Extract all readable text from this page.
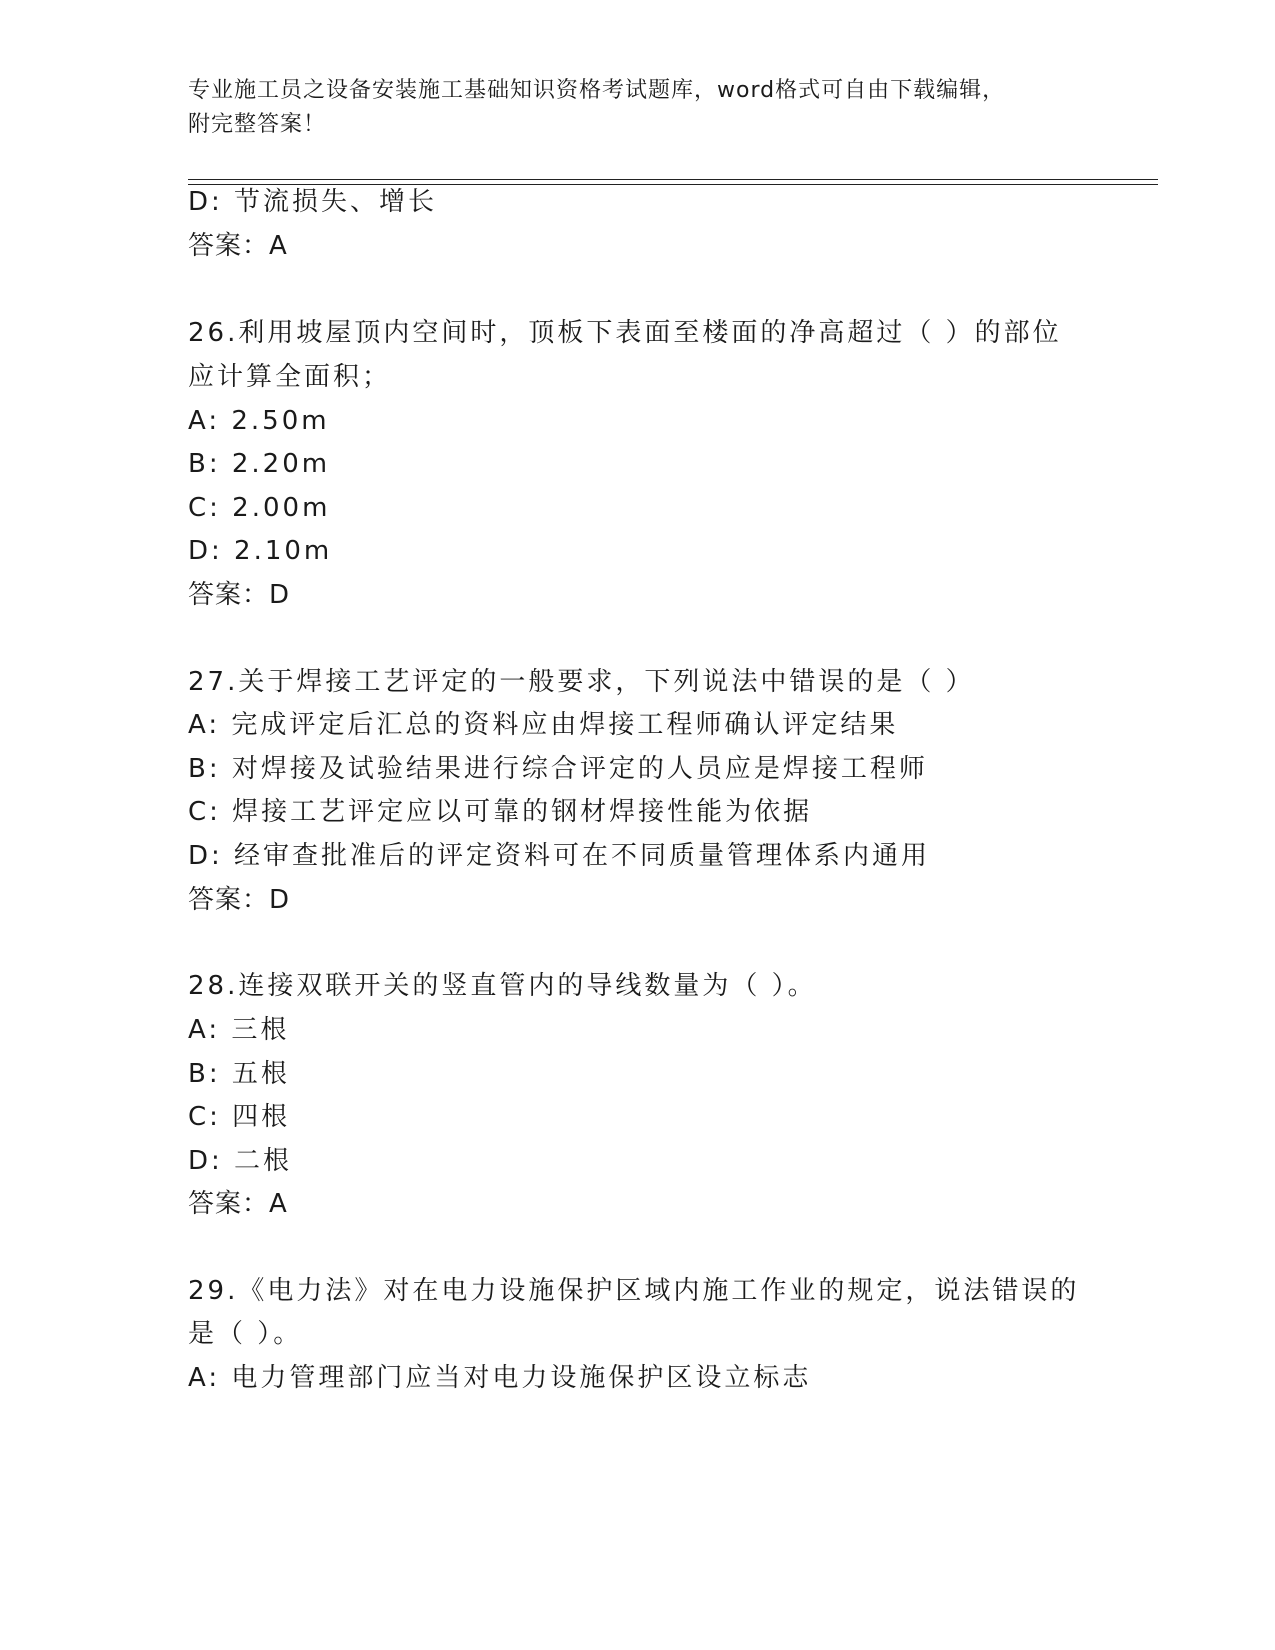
专业施工员之设备安装施工基础知识资格考试题库，word格式可自由下载编辑，
附完整答案！
D: 节流损失、增长
答案：A
26.利用坡屋顶内空间时，顶板下表面至楼面的净高超过（ ）的部位
应计算全面积；
A: 2.50m
B: 2.20m
C: 2.00m
D: 2.10m
答案：D
27.关于焊接工艺评定的一般要求，下列说法中错误的是（ ）
A: 完成评定后汇总的资料应由焊接工程师确认评定结果
B: 对焊接及试验结果进行综合评定的人员应是焊接工程师
C: 焊接工艺评定应以可靠的钢材焊接性能为依据
D: 经审查批准后的评定资料可在不同质量管理体系内通用
答案：D
28.连接双联开关的竖直管内的导线数量为（ ）。
A: 三根
B: 五根
C: 四根
D: 二根
答案：A
29.《电力法》对在电力设施保护区域内施工作业的规定，说法错误的
是（ ）。
A: 电力管理部门应当对电力设施保护区设立标志
